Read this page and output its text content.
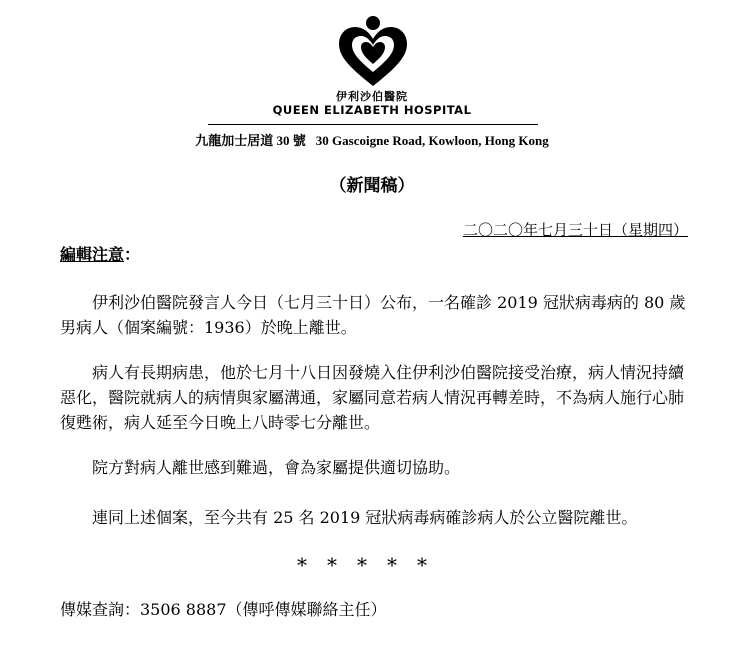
伊利沙伯醫院
QUEEN ELIZABETH HOSPITAL
九龍加士居道 30 號 30 Gascoigne Road, Kowloon, Hong Kong
（新聞稿）
二〇二〇年七月三十日（星期四）
編輯注意：

伊利沙伯醫院發言人今日（七月三十日）公布，一名確診 2019 冠狀病毒病的 80 歲男病人（個案編號：1936）於晚上離世。

病人有長期病患，他於七月十八日因發燒入住伊利沙伯醫院接受治療，病人情況持續惡化，醫院就病人的病情與家屬溝通，家屬同意若病人情況再轉差時，不為病人施行心肺復甦術，病人延至今日晚上八時零七分離世。

院方對病人離世感到難過，會為家屬提供適切協助。

連同上述個案，至今共有 25 名 2019 冠狀病毒病確診病人於公立醫院離世。

*****
傳媒查詢：3506 8887（傳呼傳媒聯絡主任）
